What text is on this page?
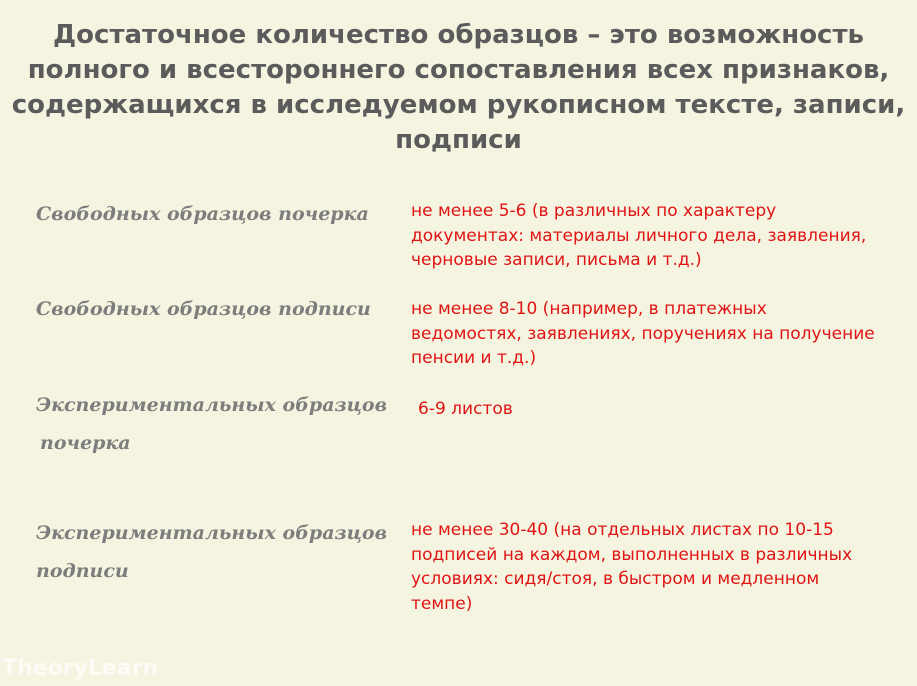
Достаточное количество образцов – это возможность полного и всестороннего сопоставления всех признаков, содержащихся в исследуемом рукописном тексте, записи, подписи
Свободных образцов почерка не менее 5-6 (в различных по характеру документах: материалы личного дела, заявления, черновые записи, письма и т.д.)
Свободных образцов подписи не менее 8-10 (например, в платежных ведомостях, заявлениях, поручениях на получение пенсии и т.д.)
Экспериментальных образцов
почерка
6-9 листов
Экспериментальных образцов
подписи
не менее 30-40 (на отдельных листах по 10-15 подписей на каждом, выполненных в различных условиях: сидя/стоя, в быстром и медленном темпе)
TheoryLearn
